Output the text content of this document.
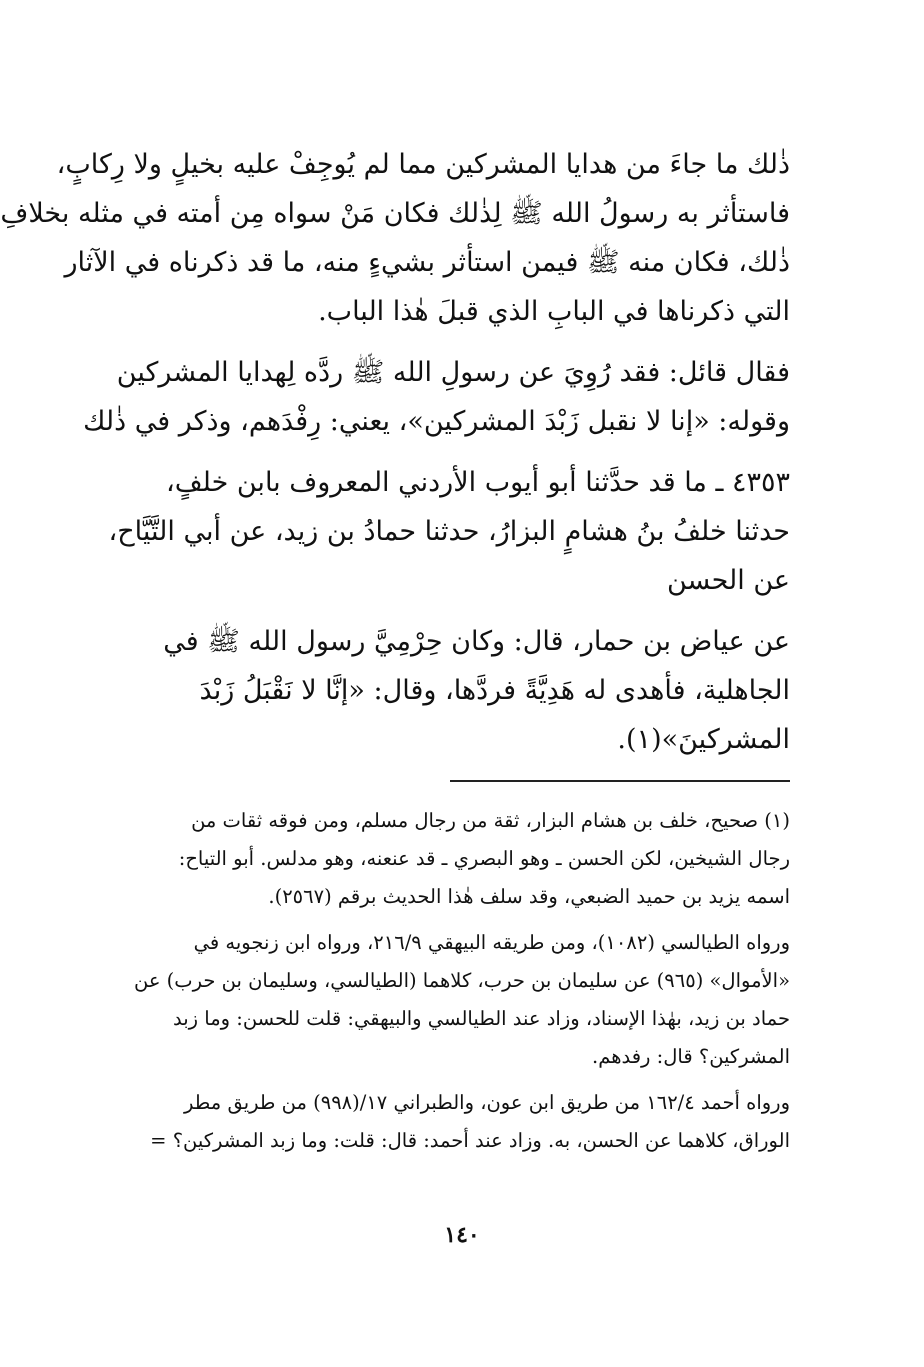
ذٰلك ما جاءَ من هدايا المشركين مما لم يُوجِفْ عليه بخيلٍ ولا رِكابٍ،
فاستأثر به رسولُ الله ﷺ لِذٰلك فكان مَنْ سواه مِن أمته في مثله بخلافِ
ذٰلك، فكان منه ﷺ فيمن استأثر بشيءٍ منه، ما قد ذكرناه في الآثار
التي ذكرناها في البابِ الذي قبلَ هٰذا الباب.
فقال قائل: فقد رُوِيَ عن رسولِ الله ﷺ ردَّه لِهدايا المشركين
وقوله: «إنا لا نقبل زَبْدَ المشركين»، يعني: رِفْدَهم، وذكر في ذٰلك
٤٣٥٣ ـ ما قد حدَّثنا أبو أيوب الأردني المعروف بابن خلفٍ،
حدثنا خلفُ بنُ هشامٍ البزارُ، حدثنا حمادُ بن زيد، عن أبي التَّيَّاح،
عن الحسن
عن عياض بن حمار، قال: وكان حِرْمِيَّ رسول الله ﷺ في
الجاهلية، فأهدى له هَدِيَّةً فردَّها، وقال: «إنَّا لا نَقْبَلُ زَبْدَ
المشركينَ»(١).
(١) صحيح، خلف بن هشام البزار، ثقة من رجال مسلم، ومن فوقه ثقات من
رجال الشيخين، لكن الحسن ـ وهو البصري ـ قد عنعنه، وهو مدلس. أبو التياح:
اسمه يزيد بن حميد الضبعي، وقد سلف هٰذا الحديث برقم (٢٥٦٧).
ورواه الطيالسي (١٠٨٢)، ومن طريقه البيهقي ٢١٦/٩، ورواه ابن زنجويه في
«الأموال» (٩٦٥) عن سليمان بن حرب، كلاهما (الطيالسي، وسليمان بن حرب) عن
حماد بن زيد، بهٰذا الإسناد، وزاد عند الطيالسي والبيهقي: قلت للحسن: وما زبد
المشركين؟ قال: رفدهم.
ورواه أحمد ١٦٢/٤ من طريق ابن عون، والطبراني ١٧/(٩٩٨) من طريق مطر
الوراق، كلاهما عن الحسن، به. وزاد عند أحمد: قال: قلت: وما زبد المشركين؟ =
١٤٠
